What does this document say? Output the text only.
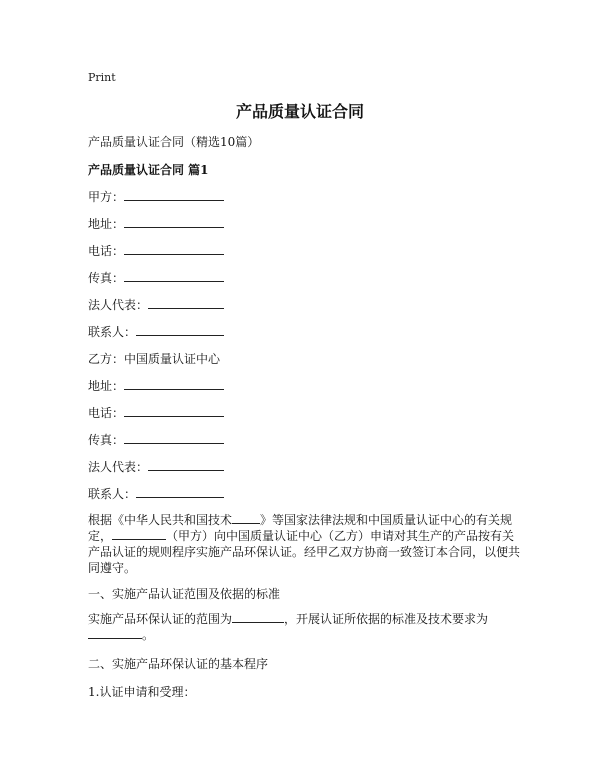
Print
产品质量认证合同
产品质量认证合同（精选10篇）
产品质量认证合同 篇1
甲方：
地址：
电话：
传真：
法人代表：
联系人：
乙方：中国质量认证中心
地址：
电话：
传真：
法人代表：
联系人：
根据《中华人民共和国技术 》等国家法律法规和中国质量认证中心的有关规定，	（甲方）向中国质量认证中心（乙方）申请对其生产的产品按有关产品认证的规则程序实施产品环保认证。经甲乙双方协商一致签订本合同，以便共同遵守。
一、实施产品认证范围及依据的标准
实施产品环保认证的范围为	，开展认证所依据的标准及技术要求为
。
二、实施产品环保认证的基本程序
1.认证申请和受理：
